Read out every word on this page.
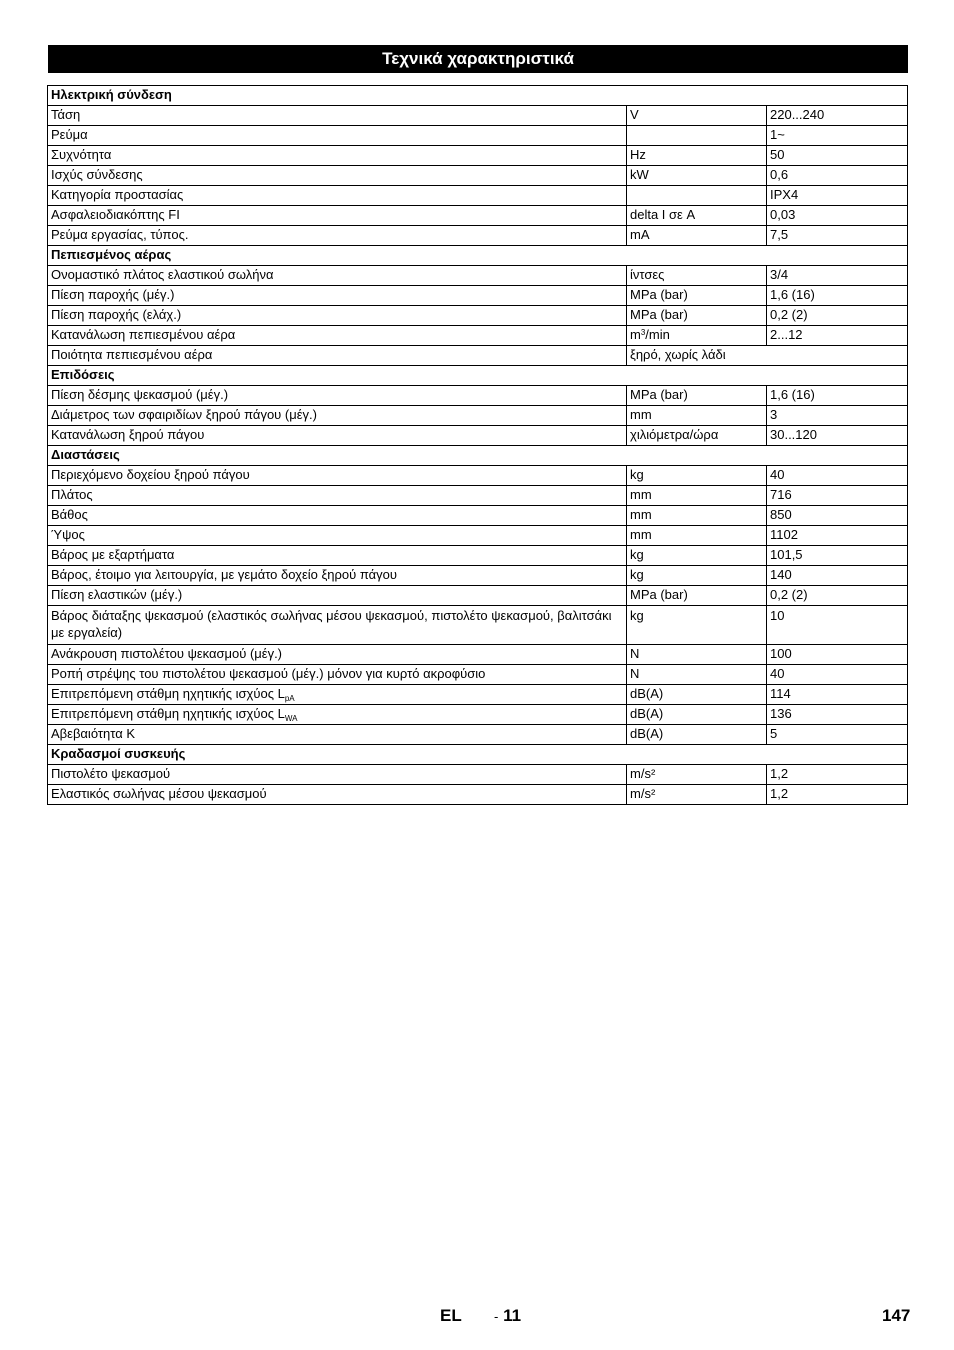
Τεχνικά χαρακτηριστικά
Ηλεκτρική σύνδεση		
Τάση	V	220...240
Ρεύμα		1~
Συχνότητα	Hz	50
Ισχύς σύνδεσης	kW	0,6
Κατηγορία προστασίας		IPX4
Ασφαλειοδιακόπτης FI	delta I σε A	0,03
Ρεύμα εργασίας, τύπος.	mA	7,5
Πεπιεσμένος αέρας		
Ονομαστικό πλάτος ελαστικού σωλήνα	ίντσες	3/4
Πίεση παροχής (μέγ.)	MPa (bar)	1,6 (16)
Πίεση παροχής (ελάχ.)	MPa (bar)	0,2 (2)
Κατανάλωση πεπιεσμένου αέρα	$m^3/\min$	2...12
Ποιότητα πεπιεσμένου αέρα	ξηρό, χωρίς λάδι	
Επιδόσεις		
Πίεση δέσμης ψεκασμού (μέγ.)	MPa (bar)	1,6 (16)
Διάμετρος των σφαιριδίων ξηρού πάγου (μέγ.)	mm	3
Κατανάλωση ξηρού πάγου	χιλιόμετρα/ώρα	30...120
Διαστάσεις		
Περιεχόμενο δοχείου ξηρού πάγου	kg	40
Πλάτος	mm	716
Βάθος	mm	850
Ύψος	mm	1102
Βάρος με εξαρτήματα	kg	101,5
Βάρος, έτοιμο για λειτουργία, με γεμάτο δοχείο ξηρού πάγου	kg	140
Πίεση ελαστικών (μέγ.)	MPa (bar)	0,2 (2)
Βάρος διάταξης ψεκασμού (ελαστικός σωλήνας μέσου ψεκασμού, πιστολέτο ψεκασμού, βαλιτσάκι με εργαλεία)	kg	10
Ανάκρουση πιστολέτου ψεκασμού (μέγ.)	N	100
Ροπή στρέψης του πιστολέτου ψεκασμού (μέγ.) μόνον για κυρτό ακροφύσιο	N	40
Επιτρεπόμενη στάθμη ηχητικής ισχύος $L_{pA}$	dB(A)	114
Επιτρεπόμενη στάθμη ηχητικής ισχύος $L_{WA}$	dB(A)	136
Αβεβαιότητα K	dB(A)	5
Κραδασμοί συσκευής		
Πιστολέτο ψεκασμού	m/s²	1,2
Ελαστικός σωλήνας μέσου ψεκασμού	m/s²	1,2
EL - 11	147
